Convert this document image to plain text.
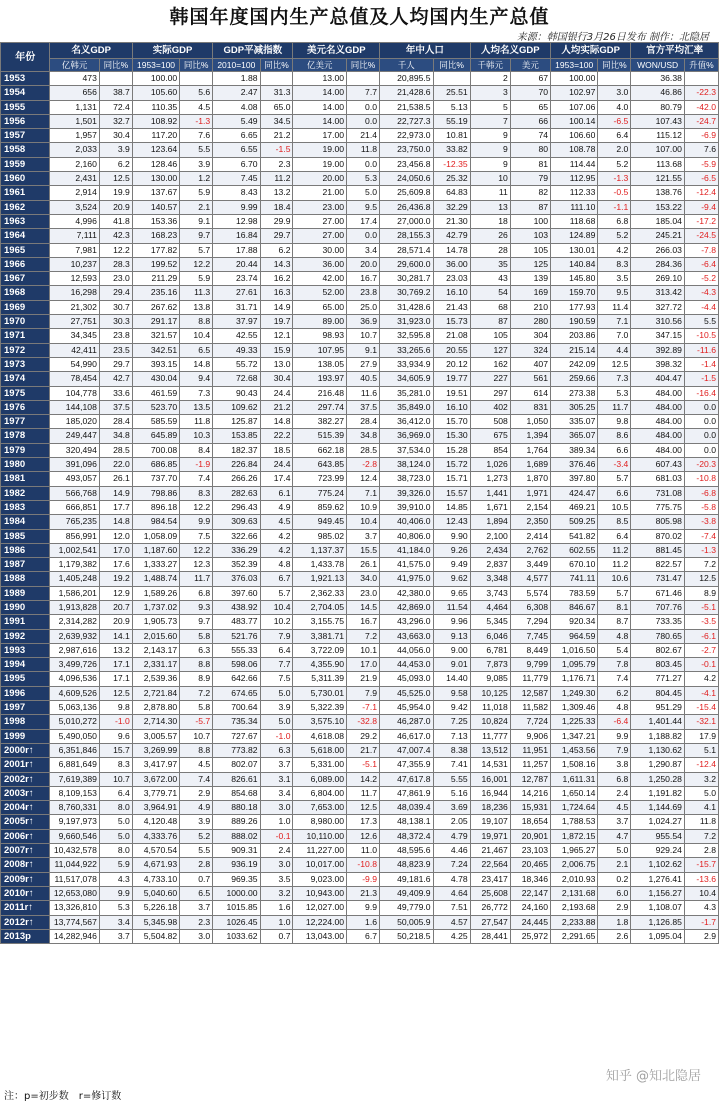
韩国年度国内生产总值及人均国内生产总值
来源：韩国银行3月26日发布 制作：北隐居
年份	名义GDP		实际GDP		GDP平减指数		美元名义GDP		年中人口		人均名义GDP		人均实际GDP		官方平均汇率	
	亿韩元	同比%	1953=100	同比%	2010=100	同比%	亿美元	同比%	千人	同比%	千韩元	美元	1953=100	同比%	WON/USD	升值%
1953	473		100.00		1.88		13.00		20,895.5		2	67	100.00		36.38	
1954	656	38.7	105.60	5.6	2.47	31.3	14.00	7.7	21,428.6	25.51	3	70	102.97	3.0	46.86	-22.3
1955	1,131	72.4	110.35	4.5	4.08	65.0	14.00	0.0	21,538.5	5.13	5	65	107.06	4.0	80.79	-42.0
1956	1,501	32.7	108.92	-1.3	5.49	34.5	14.00	0.0	22,727.3	55.19	7	66	100.14	-6.5	107.43	-24.7
1957	1,957	30.4	117.20	7.6	6.65	21.2	17.00	21.4	22,973.0	10.81	9	74	106.60	6.4	115.12	-6.9
1958	2,033	3.9	123.64	5.5	6.55	-1.5	19.00	11.8	23,750.0	33.82	9	80	108.78	2.0	107.00	7.6
1959	2,160	6.2	128.46	3.9	6.70	2.3	19.00	0.0	23,456.8	-12.35	9	81	114.44	5.2	113.68	-5.9
1960	2,431	12.5	130.00	1.2	7.45	11.2	20.00	5.3	24,050.6	25.32	10	79	112.95	-1.3	121.55	-6.5
1961	2,914	19.9	137.67	5.9	8.43	13.2	21.00	5.0	25,609.8	64.83	11	82	112.33	-0.5	138.76	-12.4
1962	3,524	20.9	140.57	2.1	9.99	18.4	23.00	9.5	26,436.8	32.29	13	87	111.10	-1.1	153.22	-9.4
1963	4,996	41.8	153.36	9.1	12.98	29.9	27.00	17.4	27,000.0	21.30	18	100	118.68	6.8	185.04	-17.2
1964	7,111	42.3	168.23	9.7	16.84	29.7	27.00	0.0	28,155.3	42.79	26	103	124.89	5.2	245.21	-24.5
1965	7,981	12.2	177.82	5.7	17.88	6.2	30.00	3.4	28,571.4	14.78	28	105	130.01	4.2	266.03	-7.8
1966	10,237	28.3	199.52	12.2	20.44	14.3	36.00	20.0	29,600.0	36.00	35	125	140.84	8.3	284.36	-6.4
1967	12,593	23.0	211.29	5.9	23.74	16.2	42.00	16.7	30,281.7	23.03	43	139	145.80	3.5	269.10	-5.2
1968	16,298	29.4	235.16	11.3	27.61	16.3	52.00	23.8	30,769.2	16.10	54	169	159.70	9.5	313.42	-4.3
1969	21,302	30.7	267.62	13.8	31.71	14.9	65.00	25.0	31,428.6	21.43	68	210	177.93	11.4	327.72	-4.4
1970	27,751	30.3	291.17	8.8	37.97	19.7	89.00	36.9	31,923.0	15.73	87	280	190.59	7.1	310.56	5.5
1971	34,345	23.8	321.57	10.4	42.55	12.1	98.93	10.7	32,595.8	21.08	105	304	203.86	7.0	347.15	-10.5
1972	42,411	23.5	342.51	6.5	49.33	15.9	107.95	9.1	33,265.6	20.55	127	324	215.14	4.4	392.89	-11.6
1973	54,990	29.7	393.15	14.8	55.72	13.0	138.05	27.9	33,934.9	20.12	162	407	242.09	12.5	398.32	-1.4
1974	78,454	42.7	430.04	9.4	72.68	30.4	193.97	40.5	34,605.9	19.77	227	561	259.66	7.3	404.47	-1.5
1975	104,778	33.6	461.59	7.3	90.43	24.4	216.48	11.6	35,281.0	19.51	297	614	273.38	5.3	484.00	-16.4
1976	144,108	37.5	523.70	13.5	109.62	21.2	297.74	37.5	35,849.0	16.10	402	831	305.25	11.7	484.00	0.0
1977	185,020	28.4	585.59	11.8	125.87	14.8	382.27	28.4	36,412.0	15.70	508	1,050	335.07	9.8	484.00	0.0
1978	249,447	34.8	645.89	10.3	153.85	22.2	515.39	34.8	36,969.0	15.30	675	1,394	365.07	8.6	484.00	0.0
1979	320,494	28.5	700.08	8.4	182.37	18.5	662.18	28.5	37,534.0	15.28	854	1,764	389.34	6.6	484.00	0.0
1980	391,096	22.0	686.85	-1.9	226.84	24.4	643.85	-2.8	38,124.0	15.72	1,026	1,689	376.46	-3.4	607.43	-20.3
1981	493,057	26.1	737.70	7.4	266.26	17.4	723.99	12.4	38,723.0	15.71	1,273	1,870	397.80	5.7	681.03	-10.8
1982	566,768	14.9	798.86	8.3	282.63	6.1	775.24	7.1	39,326.0	15.57	1,441	1,971	424.47	6.6	731.08	-6.8
1983	666,851	17.7	896.18	12.2	296.43	4.9	859.62	10.9	39,910.0	14.85	1,671	2,154	469.21	10.5	775.75	-5.8
1984	765,235	14.8	984.54	9.9	309.63	4.5	949.45	10.4	40,406.0	12.43	1,894	2,350	509.25	8.5	805.98	-3.8
1985	856,991	12.0	1,058.09	7.5	322.66	4.2	985.02	3.7	40,806.0	9.90	2,100	2,414	541.82	6.4	870.02	-7.4
1986	1,002,541	17.0	1,187.60	12.2	336.29	4.2	1,137.37	15.5	41,184.0	9.26	2,434	2,762	602.55	11.2	881.45	-1.3
1987	1,179,382	17.6	1,333.27	12.3	352.39	4.8	1,433.78	26.1	41,575.0	9.49	2,837	3,449	670.10	11.2	822.57	7.2
1988	1,405,248	19.2	1,488.74	11.7	376.03	6.7	1,921.13	34.0	41,975.0	9.62	3,348	4,577	741.11	10.6	731.47	12.5
1989	1,586,201	12.9	1,589.26	6.8	397.60	5.7	2,362.33	23.0	42,380.0	9.65	3,743	5,574	783.59	5.7	671.46	8.9
1990	1,913,828	20.7	1,737.02	9.3	438.92	10.4	2,704.05	14.5	42,869.0	11.54	4,464	6,308	846.67	8.1	707.76	-5.1
1991	2,314,282	20.9	1,905.73	9.7	483.77	10.2	3,155.75	16.7	43,296.0	9.96	5,345	7,294	920.34	8.7	733.35	-3.5
1992	2,639,932	14.1	2,015.60	5.8	521.76	7.9	3,381.71	7.2	43,663.0	9.13	6,046	7,745	964.59	4.8	780.65	-6.1
1993	2,987,616	13.2	2,143.17	6.3	555.33	6.4	3,722.09	10.1	44,056.0	9.00	6,781	8,449	1,016.50	5.4	802.67	-2.7
1994	3,499,726	17.1	2,331.17	8.8	598.06	7.7	4,355.90	17.0	44,453.0	9.01	7,873	9,799	1,095.79	7.8	803.45	-0.1
1995	4,096,536	17.1	2,539.36	8.9	642.66	7.5	5,311.39	21.9	45,093.0	14.40	9,085	11,779	1,176.71	7.4	771.27	4.2
1996	4,609,526	12.5	2,721.84	7.2	674.65	5.0	5,730.01	7.9	45,525.0	9.58	10,125	12,587	1,249.30	6.2	804.45	-4.1
1997	5,063,136	9.8	2,878.80	5.8	700.64	3.9	5,322.39	-7.1	45,954.0	9.42	11,018	11,582	1,309.46	4.8	951.29	-15.4
1998	5,010,272	-1.0	2,714.30	-5.7	735.34	5.0	3,575.10	-32.8	46,287.0	7.25	10,824	7,724	1,225.33	-6.4	1,401.44	-32.1
1999	5,490,050	9.6	3,005.57	10.7	727.67	-1.0	4,618.08	29.2	46,617.0	7.13	11,777	9,906	1,347.21	9.9	1,188.82	17.9
2000r↑	6,351,846	15.7	3,269.99	8.8	773.82	6.3	5,618.00	21.7	47,007.4	8.38	13,512	11,951	1,453.56	7.9	1,130.62	5.1
2001r↑	6,881,649	8.3	3,417.97	4.5	802.07	3.7	5,331.00	-5.1	47,355.9	7.41	14,531	11,257	1,508.16	3.8	1,290.87	-12.4
2002r↑	7,619,389	10.7	3,672.00	7.4	826.61	3.1	6,089.00	14.2	47,617.8	5.55	16,001	12,787	1,611.31	6.8	1,250.28	3.2
2003r↑	8,109,153	6.4	3,779.71	2.9	854.68	3.4	6,804.00	11.7	47,861.9	5.16	16,944	14,216	1,650.14	2.4	1,191.82	5.0
2004r↑	8,760,331	8.0	3,964.91	4.9	880.18	3.0	7,653.00	12.5	48,039.4	3.69	18,236	15,931	1,724.64	4.5	1,144.69	4.1
2005r↑	9,197,973	5.0	4,120.48	3.9	889.26	1.0	8,980.00	17.3	48,138.1	2.05	19,107	18,654	1,788.53	3.7	1,024.27	11.8
2006r↑	9,660,546	5.0	4,333.76	5.2	888.02	-0.1	10,110.00	12.6	48,372.4	4.79	19,971	20,901	1,872.15	4.7	955.54	7.2
2007r↑	10,432,578	8.0	4,570.54	5.5	909.31	2.4	11,227.00	11.0	48,595.6	4.46	21,467	23,103	1,965.27	5.0	929.24	2.8
2008r↑	11,044,922	5.9	4,671.93	2.8	936.19	3.0	10,017.00	-10.8	48,823.9	7.24	22,564	20,465	2,006.75	2.1	1,102.62	-15.7
2009r↑	11,517,078	4.3	4,733.10	0.7	969.35	3.5	9,023.00	-9.9	49,181.6	4.78	23,417	18,346	2,010.93	0.2	1,276.41	-13.6
2010r↑	12,653,080	9.9	5,040.60	6.5	1000.00	3.2	10,943.00	21.3	49,409.9	4.64	25,608	22,147	2,131.68	6.0	1,156.27	10.4
2011r↑	13,326,810	5.3	5,226.18	3.7	1015.85	1.6	12,027.00	9.9	49,779.0	7.51	26,772	24,160	2,193.68	2.9	1,108.07	4.3
2012r↑	13,774,567	3.4	5,345.98	2.3	1026.45	1.0	12,224.00	1.6	50,005.9	4.57	27,547	24,445	2,233.88	1.8	1,126.85	-1.7
2013p	14,282,946	3.7	5,504.82	3.0	1033.62	0.7	13,043.00	6.7	50,218.5	4.25	28,441	25,972	2,291.65	2.6	1,095.04	2.9
知乎 @知北隐居
注：p=初步数　r=修订数
